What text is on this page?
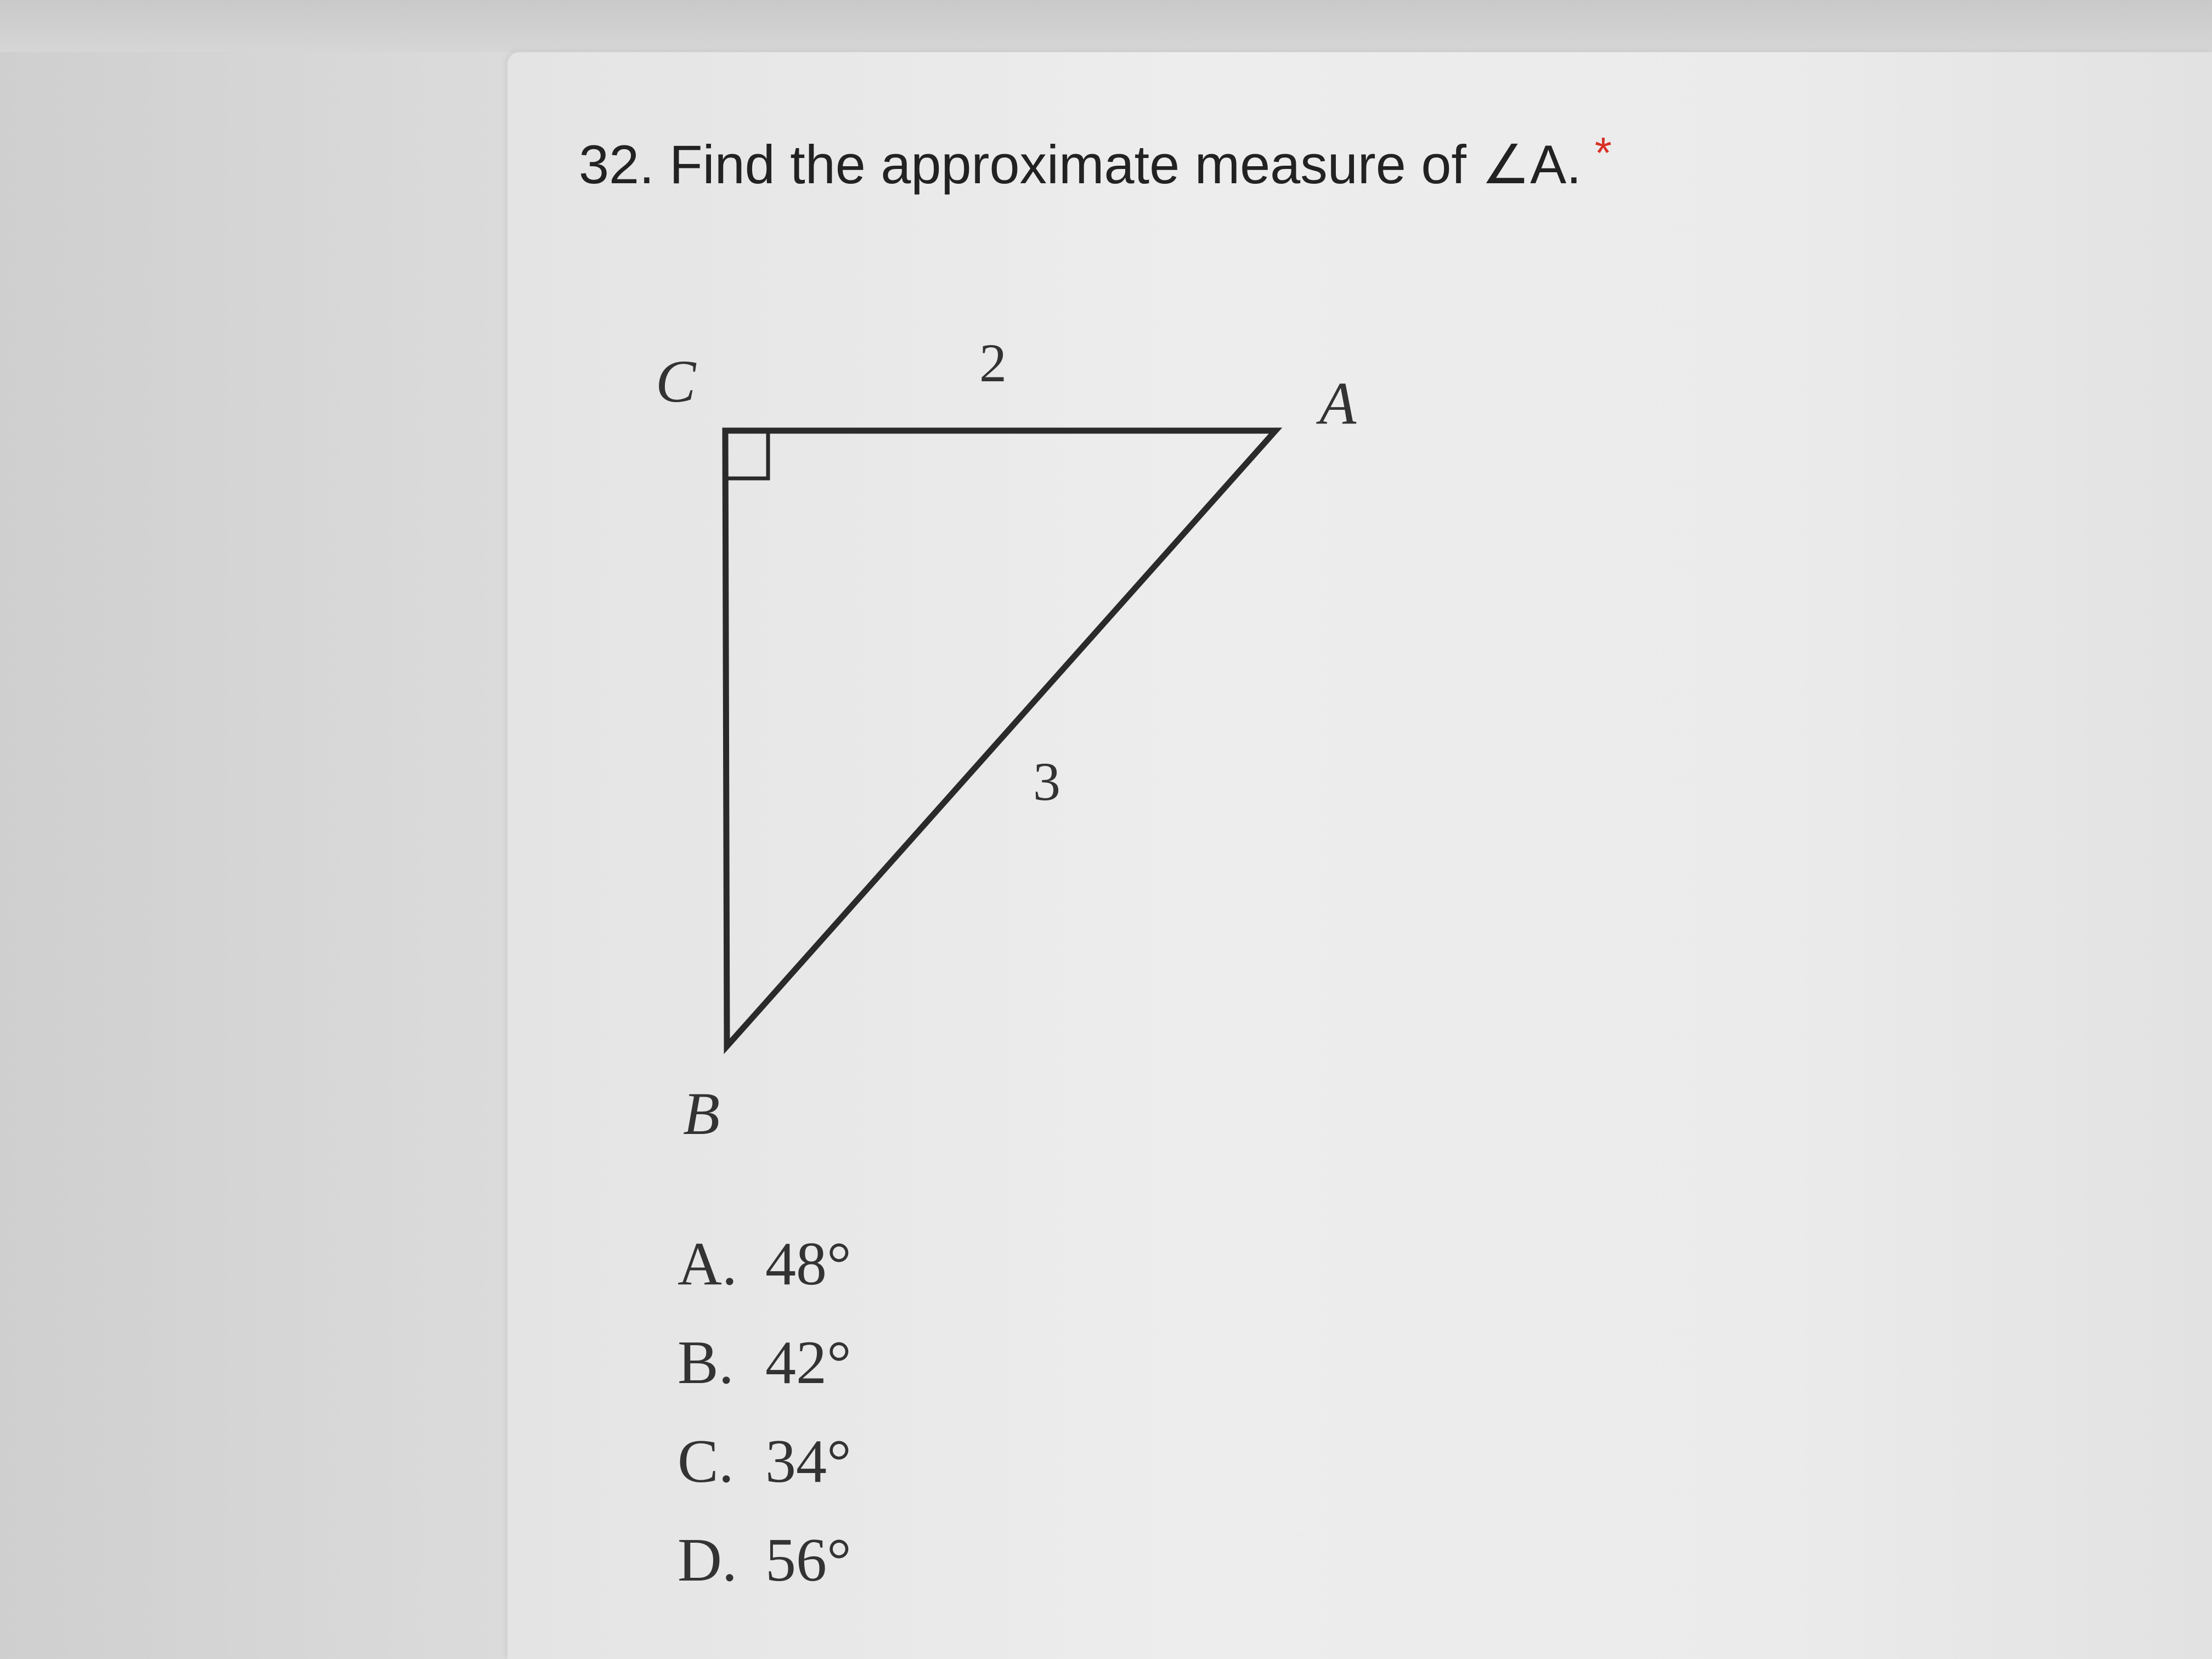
32. Find the approximate measure of ∠A. *
C	A
B
2
3
A. 48°
B. 42°
C. 34°
D. 56°
